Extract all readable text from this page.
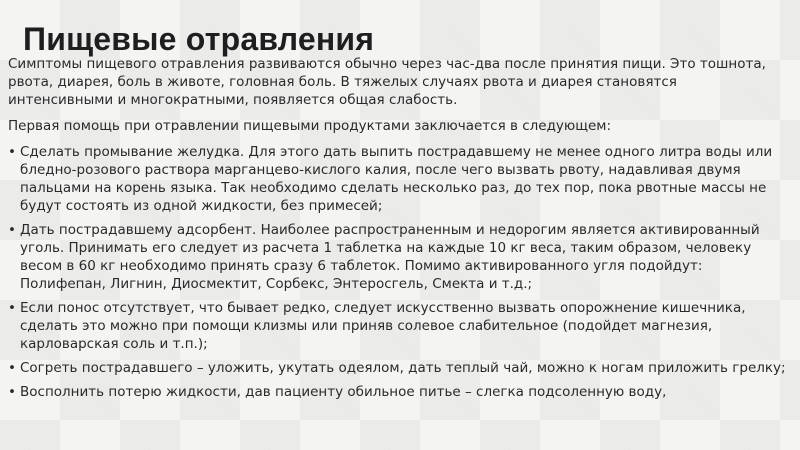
Пищевые отравления

Симптомы пищевого отравления развиваются обычно через час-два после принятия пищи. Это тошнота, рвота, диарея, боль в животе, головная боль. В тяжелых случаях рвота и диарея становятся интенсивными и многократными, появляется общая слабость.

Первая помощь при отравлении пищевыми продуктами заключается в следующем:

• Сделать промывание желудка. Для этого дать выпить пострадавшему не менее одного литра воды или бледно-розового раствора марганцево-кислого калия, после чего вызвать рвоту, надавливая двумя пальцами на корень языка. Так необходимо сделать несколько раз, до тех пор, пока рвотные массы не будут состоять из одной жидкости, без примесей;
• Дать пострадавшему адсорбент. Наиболее распространенным и недорогим является активированный уголь. Принимать его следует из расчета 1 таблетка на каждые 10 кг веса, таким образом, человеку весом в 60 кг необходимо принять сразу 6 таблеток. Помимо активированного угля подойдут: Полифепан, Лигнин, Диосмектит, Сорбекс, Энтеросгель, Смекта и т.д.;
• Если понос отсутствует, что бывает редко, следует искусственно вызвать опорожнение кишечника, сделать это можно при помощи клизмы или приняв солевое слабительное (подойдет магнезия, карловарская соль и т.п.);
• Согреть пострадавшего – уложить, укутать одеялом, дать теплый чай, можно к ногам приложить грелку;
• Восполнить потерю жидкости, дав пациенту обильное питье – слегка подсоленную воду,
